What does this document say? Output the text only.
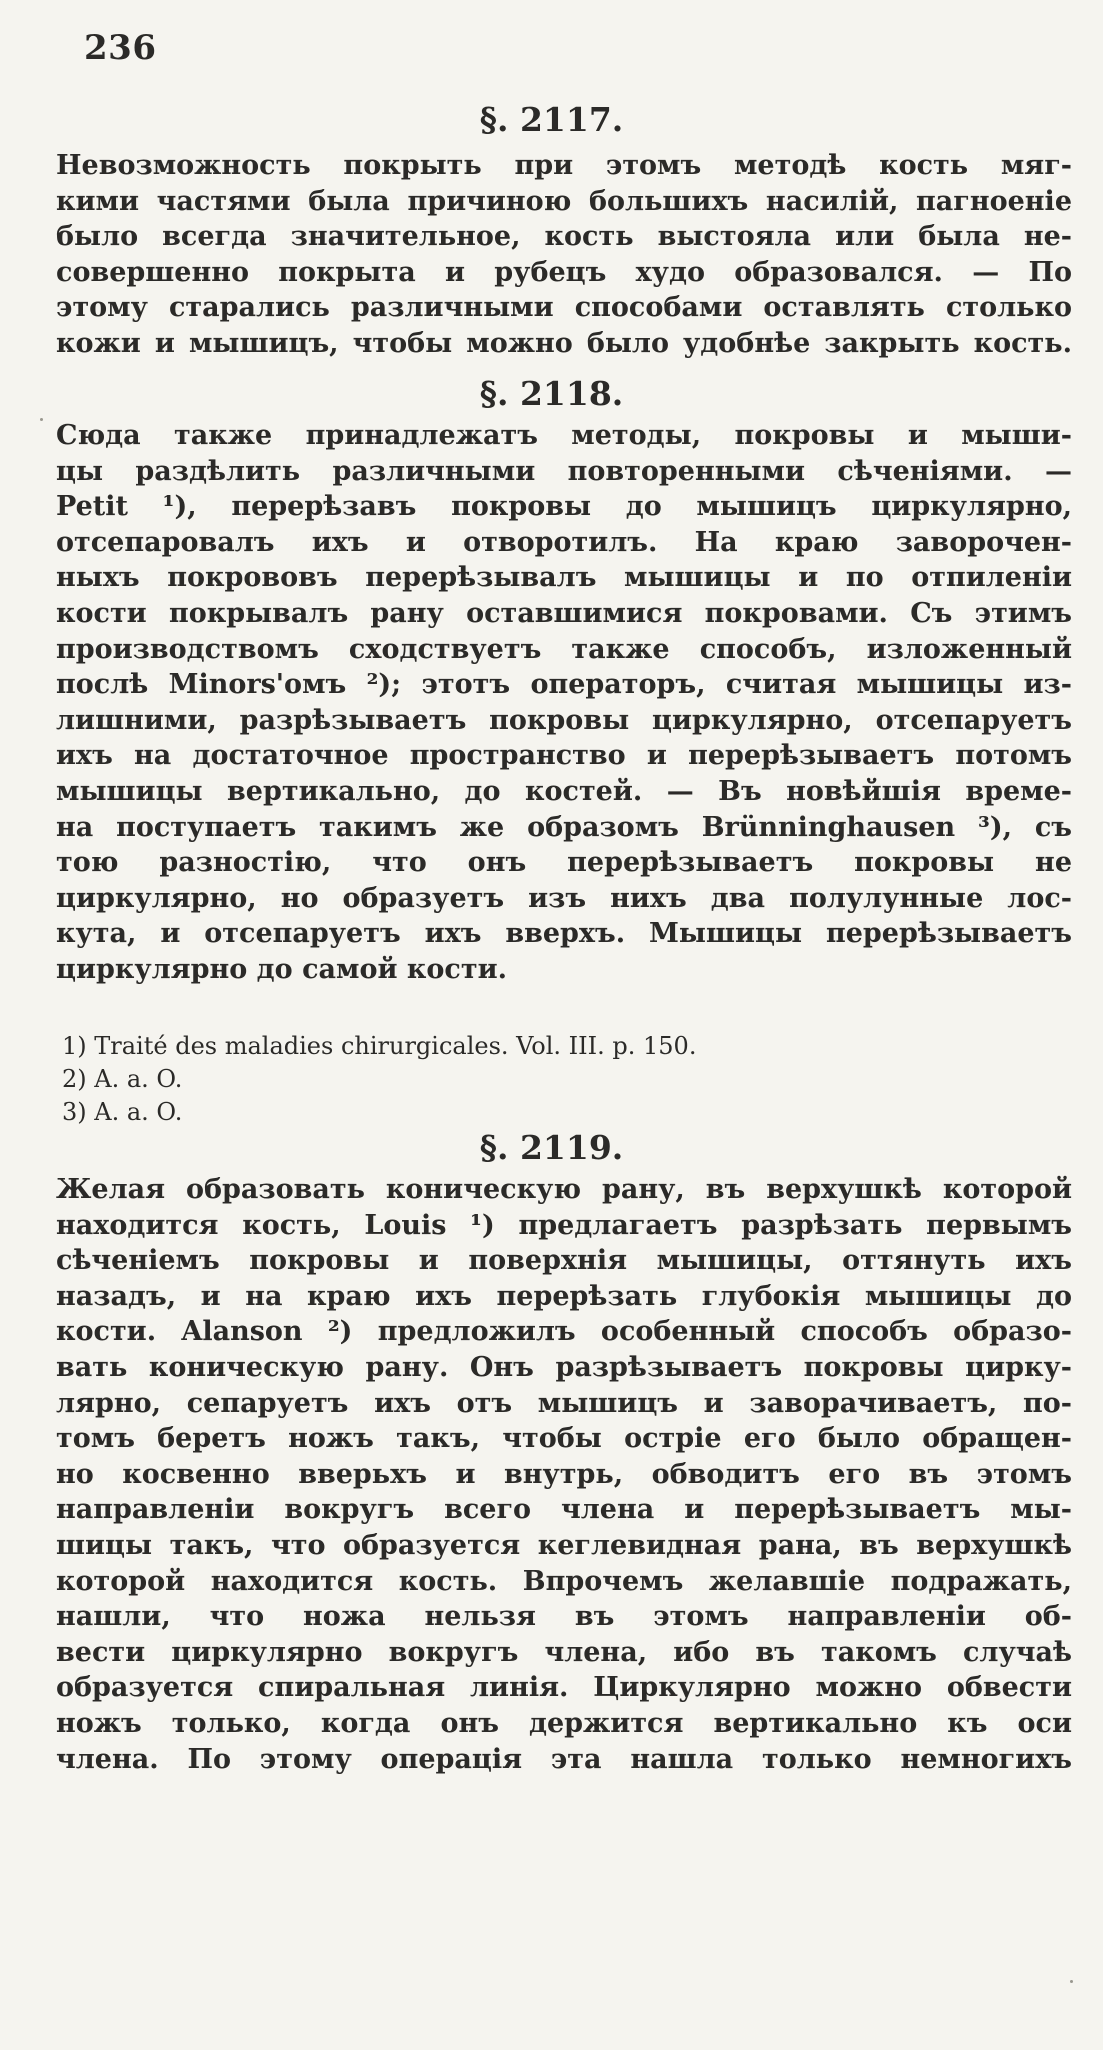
236
§. 2117.
Невозможность покрыть при этомъ методѣ кость мяг-
кими частями была причиною большихъ насилій, пагноеніе
было всегда значительное, кость выстояла или была не-
совершенно покрыта и рубецъ худо образовался. — По
этому старались различными способами оставлять столько
кожи и мышицъ, чтобы можно было удобнѣе закрыть кость.
§. 2118.
Сюда также принадлежатъ методы, покровы и мыши-
цы раздѣлить различными повторенными сѣченіями. —
Petit ¹), перерѣзавъ покровы до мышицъ циркулярно,
отсепаровалъ ихъ и отворотилъ. На краю заворочен-
ныхъ покрововъ перерѣзывалъ мышицы и по отпиленіи
кости покрывалъ рану оставшимися покровами. Съ этимъ
производствомъ сходствуетъ также способъ, изложенный
послѣ Minors'омъ ²); этотъ операторъ, считая мышицы из-
лишними, разрѣзываетъ покровы циркулярно, отсепаруетъ
ихъ на достаточное пространство и перерѣзываетъ потомъ
мышицы вертикально, до костей. — Въ новѣйшія време-
на поступаетъ такимъ же образомъ Brünninghausen ³), съ
тою разностію, что онъ перерѣзываетъ покровы не
циркулярно, но образуетъ изъ нихъ два полулунные лос-
кута, и отсепаруетъ ихъ вверхъ. Мышицы перерѣзываетъ
циркулярно до самой кости.
1) Traité des maladies chirurgicales. Vol. III. p. 150.
2) A. a. O.
3) A. a. O.
§. 2119.
Желая образовать коническую рану, въ верхушкѣ которой
находится кость, Louis ¹) предлагаетъ разрѣзать первымъ
сѣченіемъ покровы и поверхнія мышицы, оттянуть ихъ
назадъ, и на краю ихъ перерѣзать глубокія мышицы до
кости. Alanson ²) предложилъ особенный способъ образо-
вать коническую рану. Онъ разрѣзываетъ покровы цирку-
лярно, сепаруетъ ихъ отъ мышицъ и заворачиваетъ, по-
томъ беретъ ножъ такъ, чтобы остріе его было обращен-
но косвенно вверьхъ и внутрь, обводитъ его въ этомъ
направленіи вокругъ всего члена и перерѣзываетъ мы-
шицы такъ, что образуется кеглевидная рана, въ верхушкѣ
которой находится кость. Впрочемъ желавшіе подражать,
нашли, что ножа нельзя въ этомъ направленіи об-
вести циркулярно вокругъ члена, ибо въ такомъ случаѣ
образуется спиральная линія. Циркулярно можно обвести
ножъ только, когда онъ держится вертикально къ оси
члена. По этому операція эта нашла только немногихъ
